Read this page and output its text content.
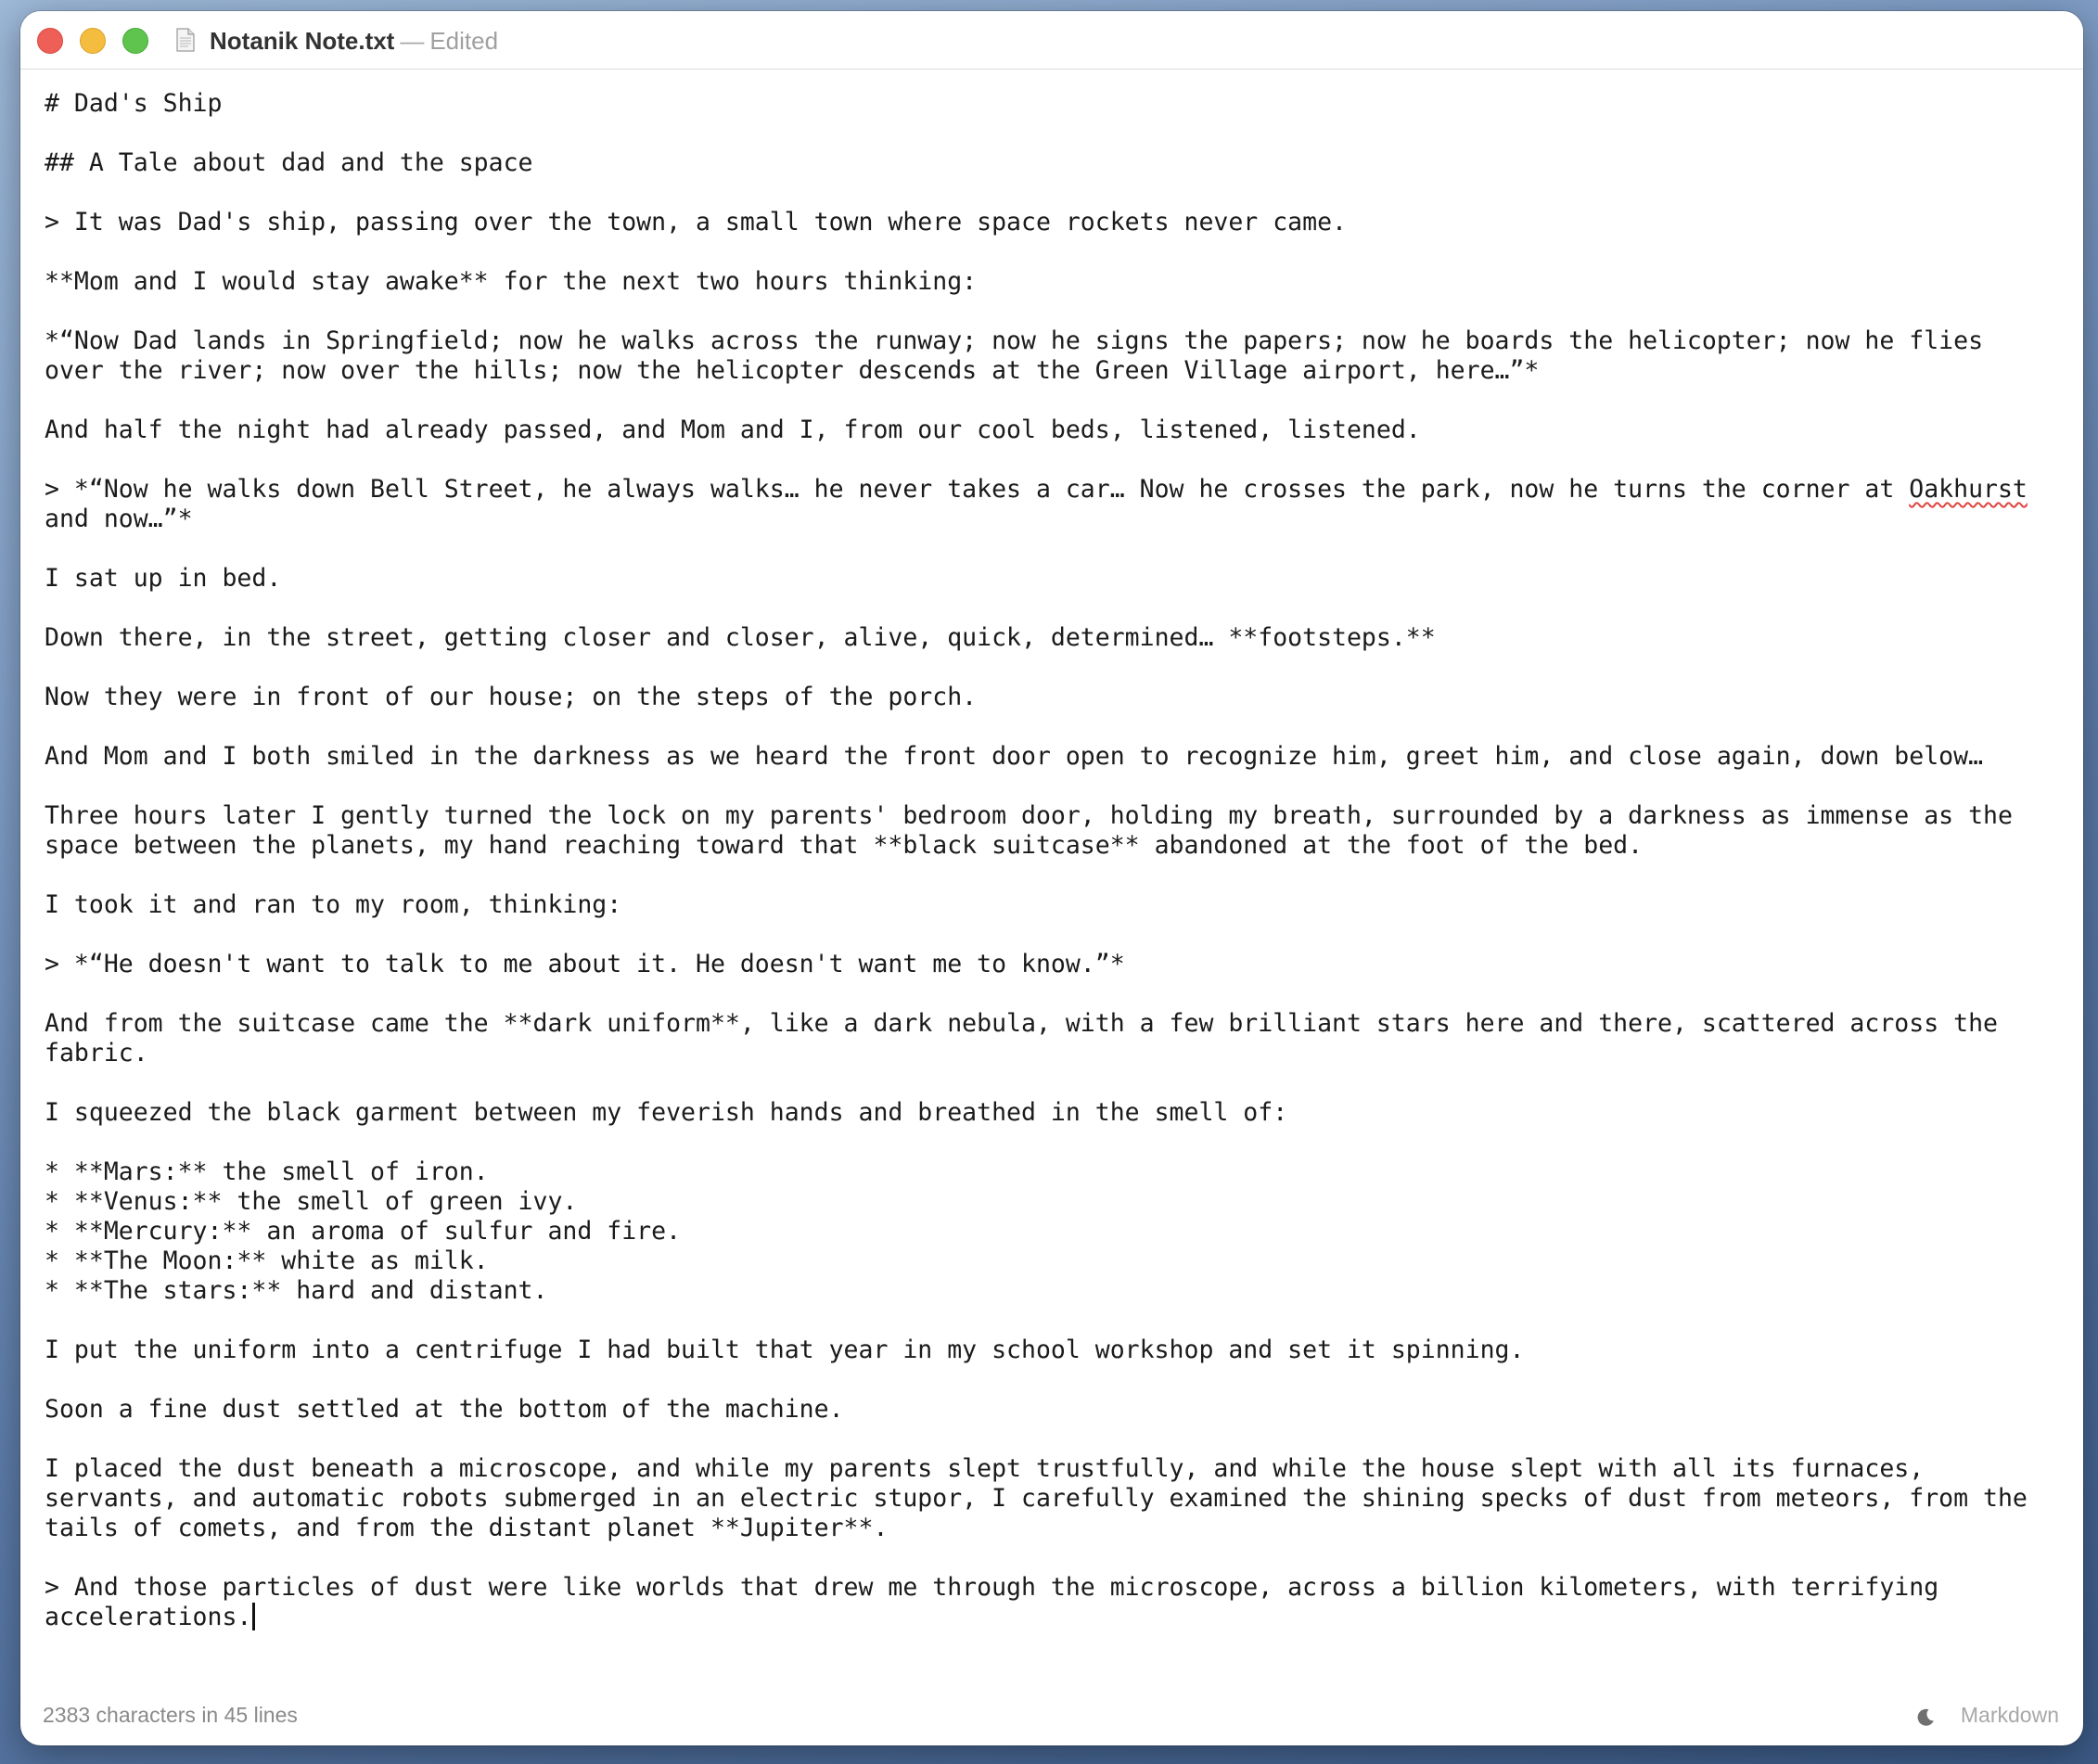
Notanik Note.txt — Edited
# Dad's Ship
## A Tale about dad and the space
> It was Dad's ship, passing over the town, a small town where space rockets never came.
**Mom and I would stay awake** for the next two hours thinking:
*“Now Dad lands in Springfield; now he walks across the runway; now he signs the papers; now he boards the helicopter; now he flies
over the river; now over the hills; now the helicopter descends at the Green Village airport, here…”*
And half the night had already passed, and Mom and I, from our cool beds, listened, listened.
> *“Now he walks down Bell Street, he always walks… he never takes a car… Now he crosses the park, now he turns the corner at Oakhurst
and now…”*
I sat up in bed.
Down there, in the street, getting closer and closer, alive, quick, determined… **footsteps.**
Now they were in front of our house; on the steps of the porch.
And Mom and I both smiled in the darkness as we heard the front door open to recognize him, greet him, and close again, down below…
Three hours later I gently turned the lock on my parents' bedroom door, holding my breath, surrounded by a darkness as immense as the
space between the planets, my hand reaching toward that **black suitcase** abandoned at the foot of the bed.
I took it and ran to my room, thinking:
> *“He doesn't want to talk to me about it. He doesn't want me to know.”*
And from the suitcase came the **dark uniform**, like a dark nebula, with a few brilliant stars here and there, scattered across the
fabric.
I squeezed the black garment between my feverish hands and breathed in the smell of:
* **Mars:** the smell of iron.
* **Venus:** the smell of green ivy.
* **Mercury:** an aroma of sulfur and fire.
* **The Moon:** white as milk.
* **The stars:** hard and distant.
I put the uniform into a centrifuge I had built that year in my school workshop and set it spinning.
Soon a fine dust settled at the bottom of the machine.
I placed the dust beneath a microscope, and while my parents slept trustfully, and while the house slept with all its furnaces,
servants, and automatic robots submerged in an electric stupor, I carefully examined the shining specks of dust from meteors, from the
tails of comets, and from the distant planet **Jupiter**.
> And those particles of dust were like worlds that drew me through the microscope, across a billion kilometers, with terrifying
accelerations.
2383 characters in 45 lines	Markdown
